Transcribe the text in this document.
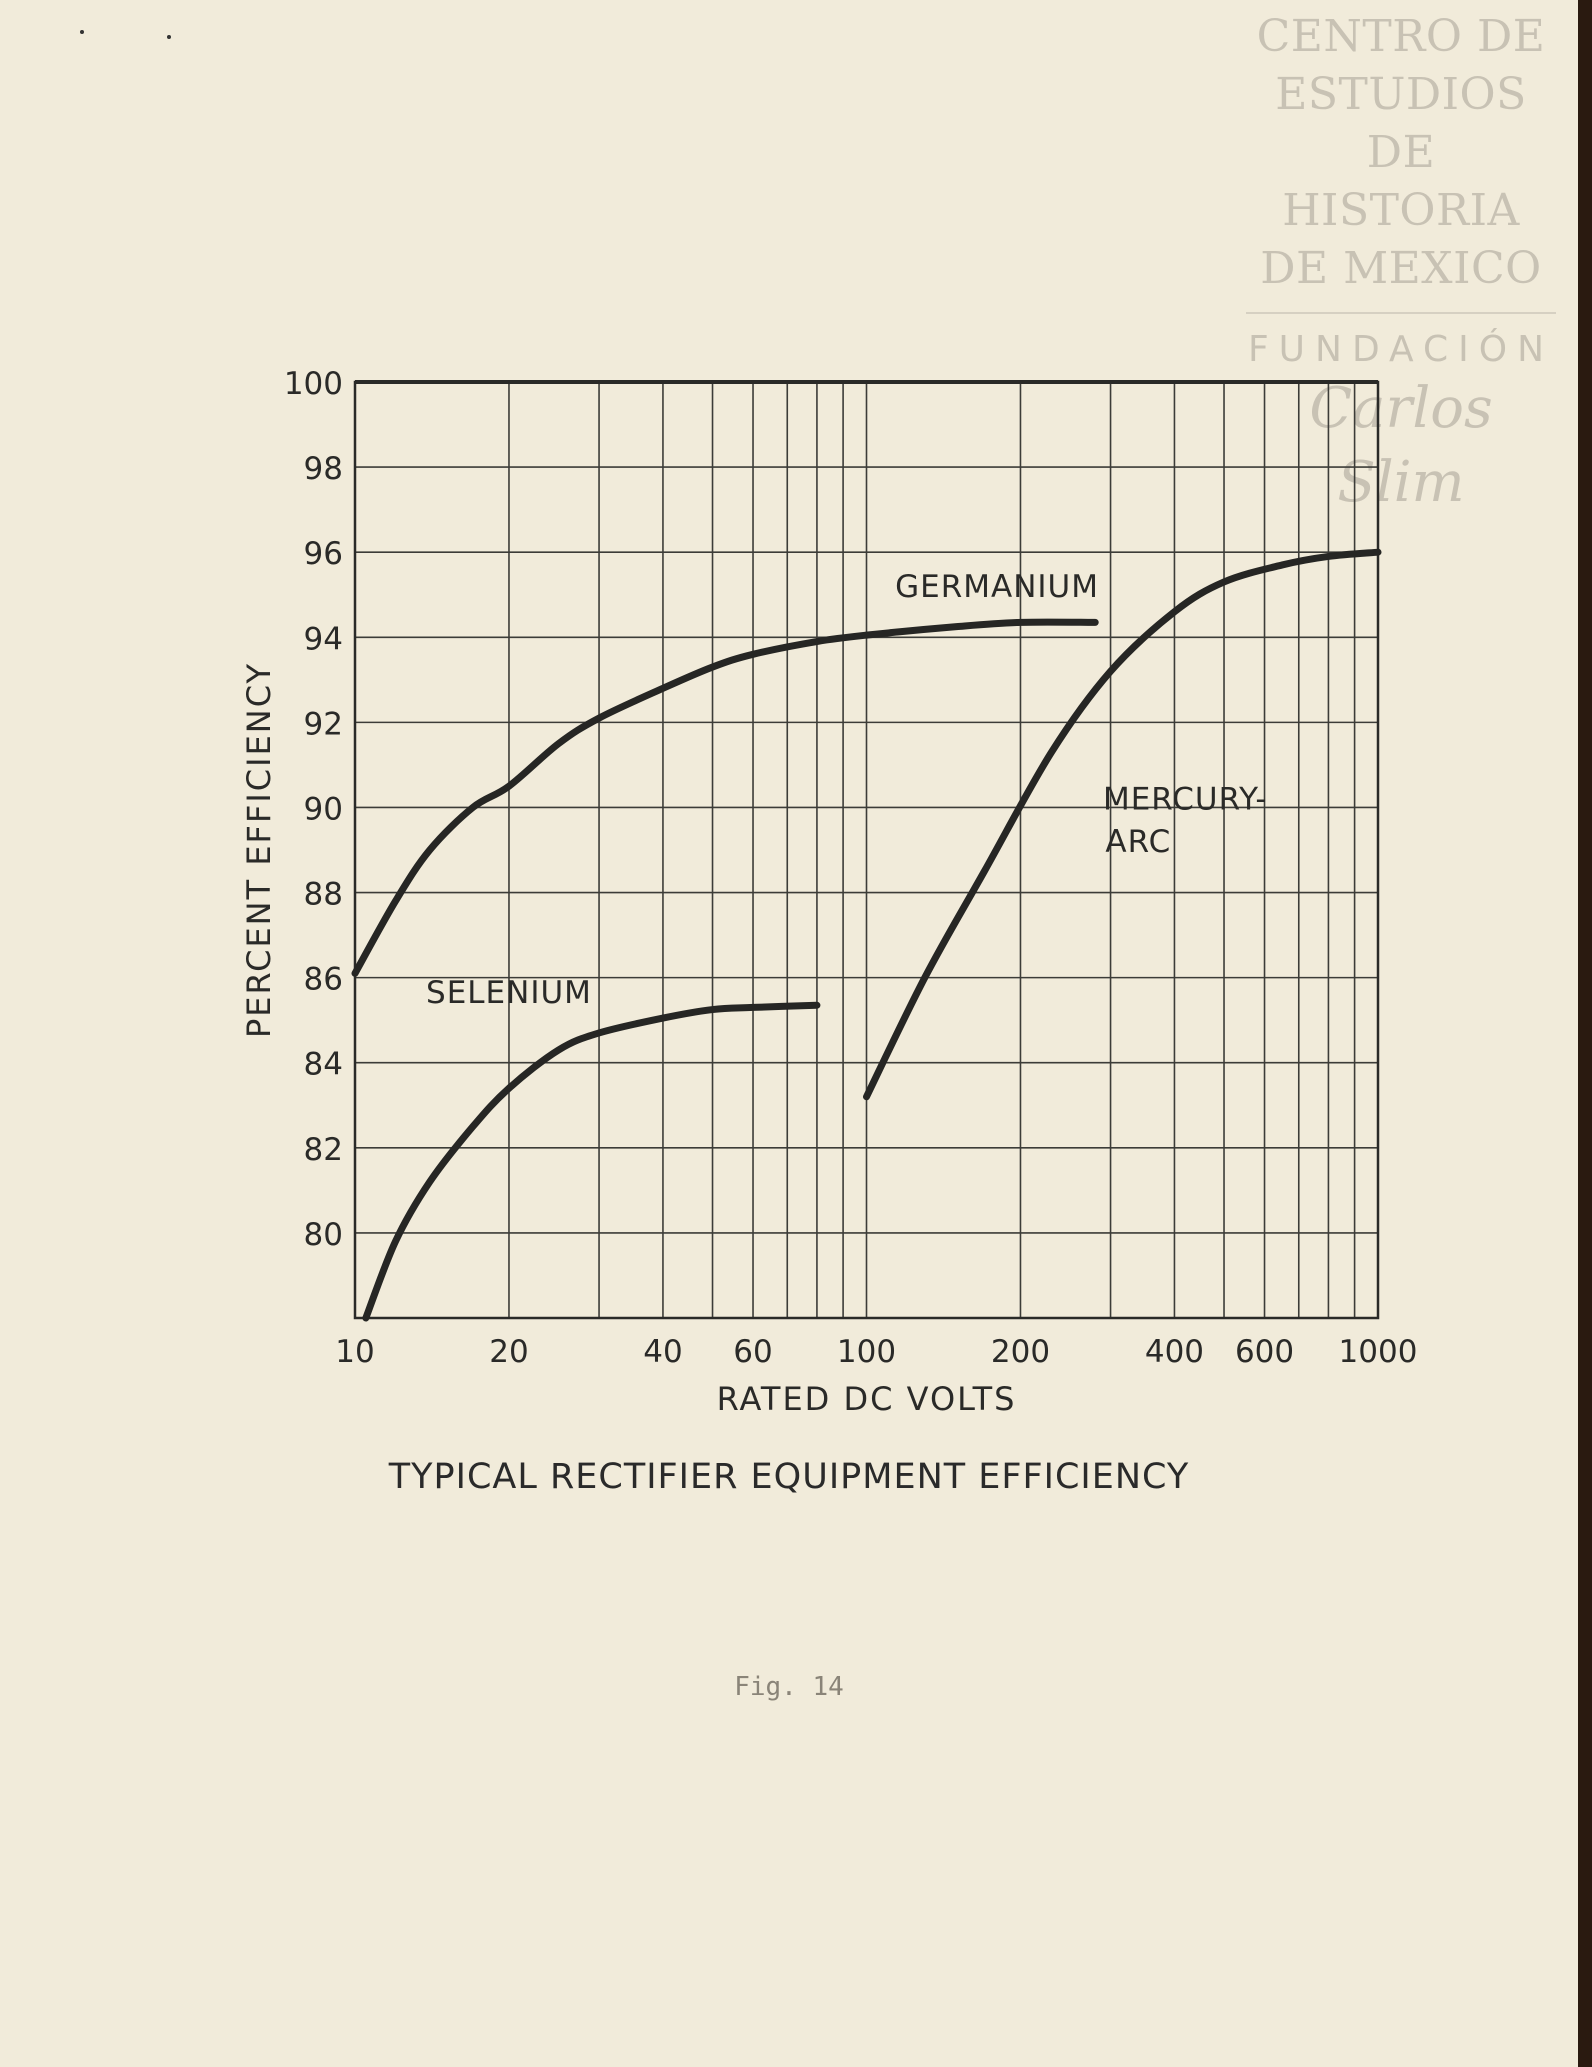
CENTRO DE
ESTUDIOS
DE HISTORIA
DE MEXICO
FUNDACIÓN
Carlos Slim
80
82
84
86
88
90
92
94
96
98
100
10	20	40 60 100	200	400 600 1000
RATED DC VOLTS
PERCENT EFFICIENCY
GERMANIUM
SELENIUM
MERCURY-
ARC
TYPICAL RECTIFIER EQUIPMENT EFFICIENCY
Fig. 14
